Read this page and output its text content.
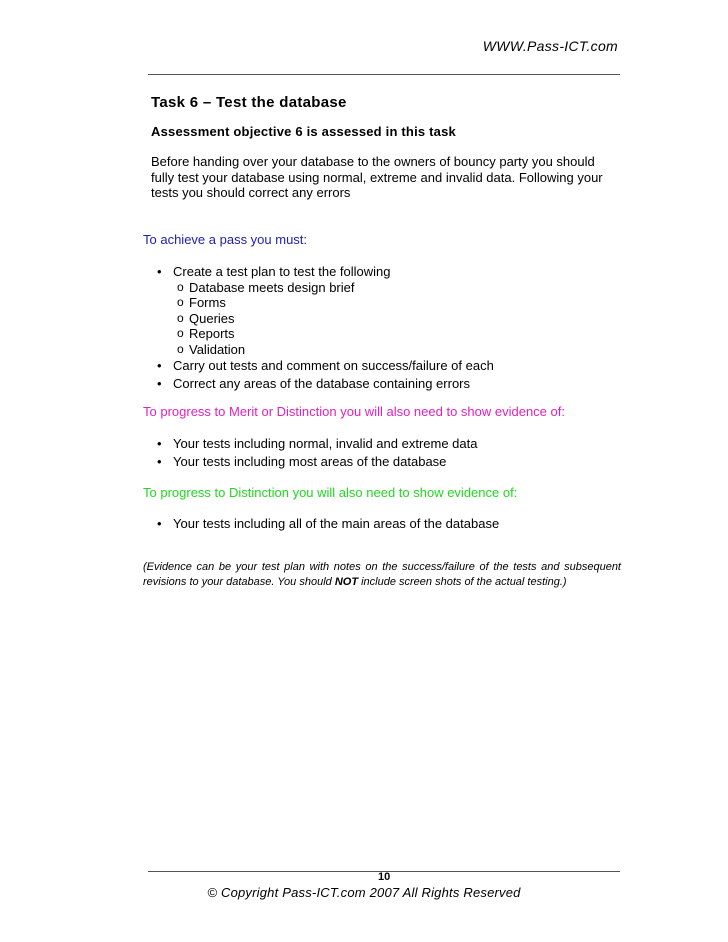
WWW.Pass-ICT.com
Task 6 – Test the database
Assessment objective 6 is assessed in this task
Before handing over your database to the owners of bouncy party you should fully test your database using normal, extreme and invalid data. Following your tests you should correct any errors
To achieve a pass you must:
• Create a test plan to test the following
o Database meets design brief
o Forms
o Queries
o Reports
o Validation
• Carry out tests and comment on success/failure of each
• Correct any areas of the database containing errors
To progress to Merit or Distinction you will also need to show evidence of:
• Your tests including normal, invalid and extreme data
• Your tests including most areas of the database
To progress to Distinction you will also need to show evidence of:
• Your tests including all of the main areas of the database
(Evidence can be your test plan with notes on the success/failure of the tests and subsequent revisions to your database. You should NOT include screen shots of the actual testing.)
10
© Copyright Pass-ICT.com 2007 All Rights Reserved
